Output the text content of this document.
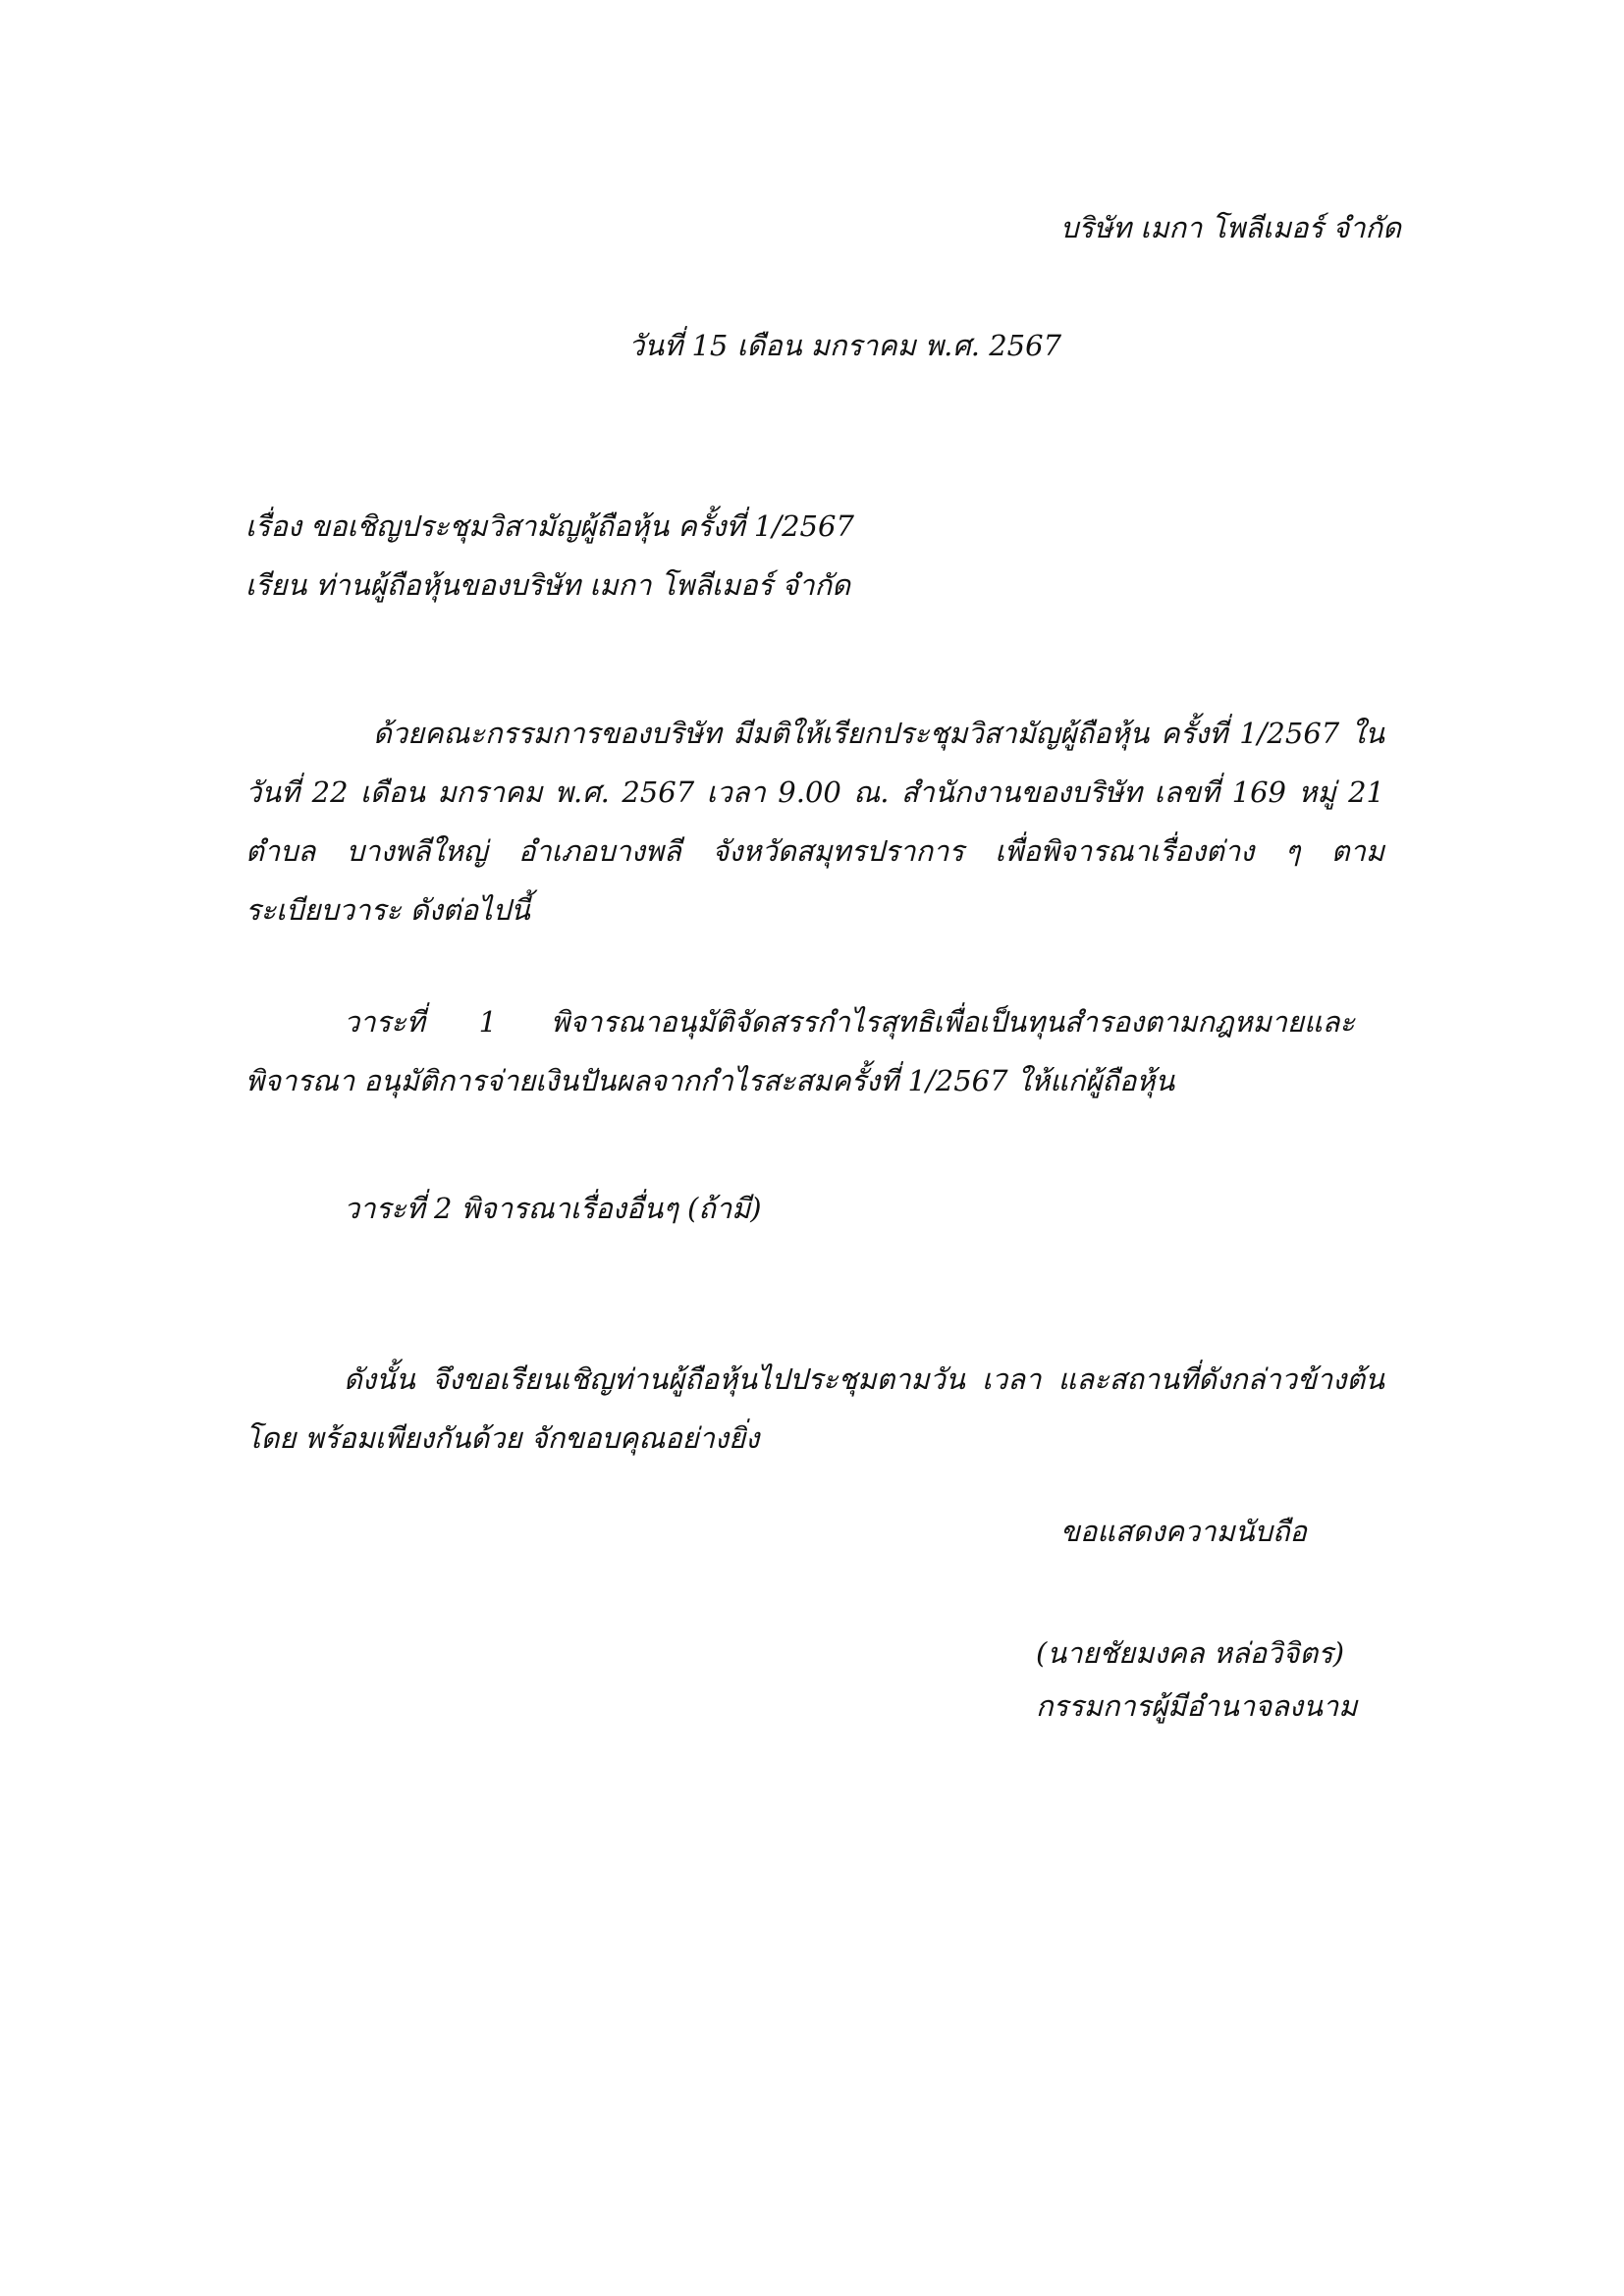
บริษัท เมกา โพลีเมอร์ จำกัด
วันที่ 15 เดือน มกราคม พ.ศ. 2567
เรื่อง ขอเชิญประชุมวิสามัญผู้ถือหุ้น ครั้งที่ 1/2567
เรียน ท่านผู้ถือหุ้นของบริษัท เมกา โพลีเมอร์ จำกัด

ด้วยคณะกรรมการของบริษัท มีมติให้เรียกประชุมวิสามัญผู้ถือหุ้น ครั้งที่ 1/2567 ใน วันที่ 22 เดือน มกราคม พ.ศ. 2567 เวลา 9.00 ณ. สำนักงานของบริษัท เลขที่ 169 หมู่ 21 ตำบล บางพลีใหญ่ อำเภอบางพลี จังหวัดสมุทรปราการ เพื่อพิจารณาเรื่องต่าง ๆ ตามระเบียบวาระ ดังต่อไปนี้

วาระที่ 1 พิจารณาอนุมัติจัดสรรกำไรสุทธิเพื่อเป็นทุนสำรองตามกฎหมายและพิจารณา อนุมัติการจ่ายเงินปันผลจากกำไรสะสมครั้งที่ 1/2567 ให้แก่ผู้ถือหุ้น

วาระที่ 2 พิจารณาเรื่องอื่นๆ (ถ้ามี)

ดังนั้น จึงขอเรียนเชิญท่านผู้ถือหุ้นไปประชุมตามวัน เวลา และสถานที่ดังกล่าวข้างต้นโดย พร้อมเพียงกันด้วย จักขอบคุณอย่างยิ่ง

ขอแสดงความนับถือ
(นายชัยมงคล หล่อวิจิตร)
กรรมการผู้มีอำนาจลงนาม
